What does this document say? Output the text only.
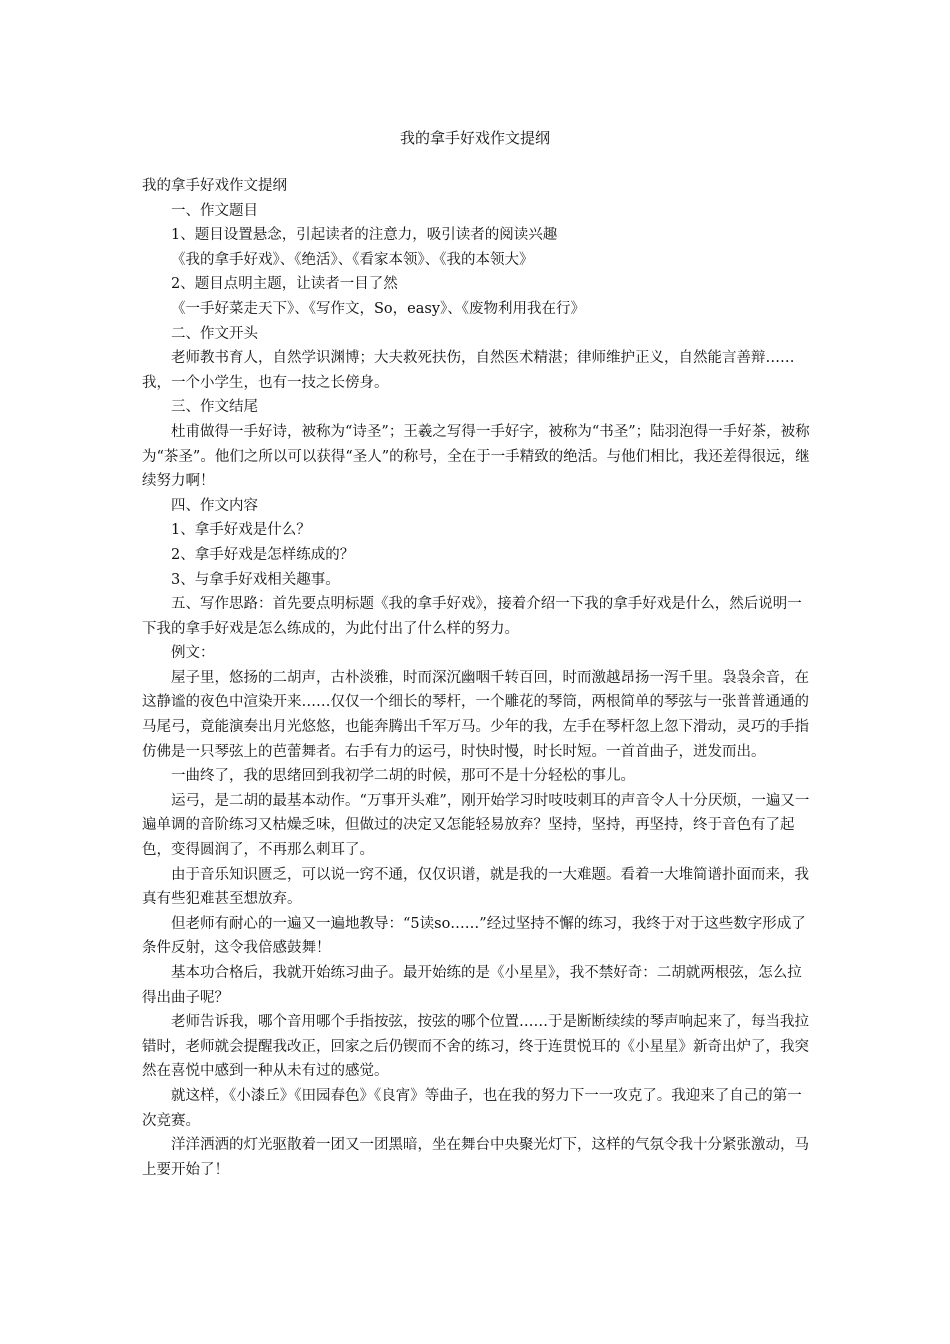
我的拿手好戏作文提纲

我的拿手好戏作文提纲

一、作文题目

1、题目设置悬念，引起读者的注意力，吸引读者的阅读兴趣

《我的拿手好戏》、《绝活》、《看家本领》、《我的本领大》

2、题目点明主题，让读者一目了然

《一手好菜走天下》、《写作文，So，easy》、《废物利用我在行》

二、作文开头

老师教书育人，自然学识渊博；大夫救死扶伤，自然医术精湛；律师维护正义，自然能言善辩……我，一个小学生，也有一技之长傍身。

三、作文结尾

杜甫做得一手好诗，被称为“诗圣”；王羲之写得一手好字，被称为“书圣”；陆羽泡得一手好茶，被称为“茶圣”。他们之所以可以获得“圣人”的称号，全在于一手精致的绝活。与他们相比，我还差得很远，继续努力啊！

四、作文内容

1、拿手好戏是什么？

2、拿手好戏是怎样练成的？

3、与拿手好戏相关趣事。

五、写作思路：首先要点明标题《我的拿手好戏》，接着介绍一下我的拿手好戏是什么，然后说明一下我的拿手好戏是怎么练成的，为此付出了什么样的努力。

例文：

屋子里，悠扬的二胡声，古朴淡雅，时而深沉幽咽千转百回，时而激越昂扬一泻千里。袅袅余音，在这静谧的夜色中渲染开来……仅仅一个细长的琴杆，一个雕花的琴筒，两根简单的琴弦与一张普普通通的马尾弓，竟能演奏出月光悠悠，也能奔腾出千军万马。少年的我，左手在琴杆忽上忽下滑动，灵巧的手指仿佛是一只琴弦上的芭蕾舞者。右手有力的运弓，时快时慢，时长时短。一首首曲子，迸发而出。

一曲终了，我的思绪回到我初学二胡的时候，那可不是十分轻松的事儿。

运弓，是二胡的最基本动作。“万事开头难”，刚开始学习时吱吱刺耳的声音令人十分厌烦，一遍又一遍单调的音阶练习又枯燥乏味，但做过的决定又怎能轻易放弃？坚持，坚持，再坚持，终于音色有了起色，变得圆润了，不再那么刺耳了。

由于音乐知识匮乏，可以说一窍不通，仅仅识谱，就是我的一大难题。看着一大堆简谱扑面而来，我真有些犯难甚至想放弃。

但老师有耐心的一遍又一遍地教导：“5读so……”经过坚持不懈的练习，我终于对于这些数字形成了条件反射，这令我倍感鼓舞！

基本功合格后，我就开始练习曲子。最开始练的是《小星星》，我不禁好奇：二胡就两根弦，怎么拉得出曲子呢？

老师告诉我，哪个音用哪个手指按弦，按弦的哪个位置……于是断断续续的琴声响起来了，每当我拉错时，老师就会提醒我改正，回家之后仍锲而不舍的练习，终于连贯悦耳的《小星星》新奇出炉了，我突然在喜悦中感到一种从未有过的感觉。

就这样，《小漆丘》《田园春色》《良宵》等曲子，也在我的努力下一一攻克了。我迎来了自己的第一次竞赛。

洋洋洒洒的灯光驱散着一团又一团黑暗，坐在舞台中央聚光灯下，这样的气氛令我十分紧张激动，马上要开始了！
